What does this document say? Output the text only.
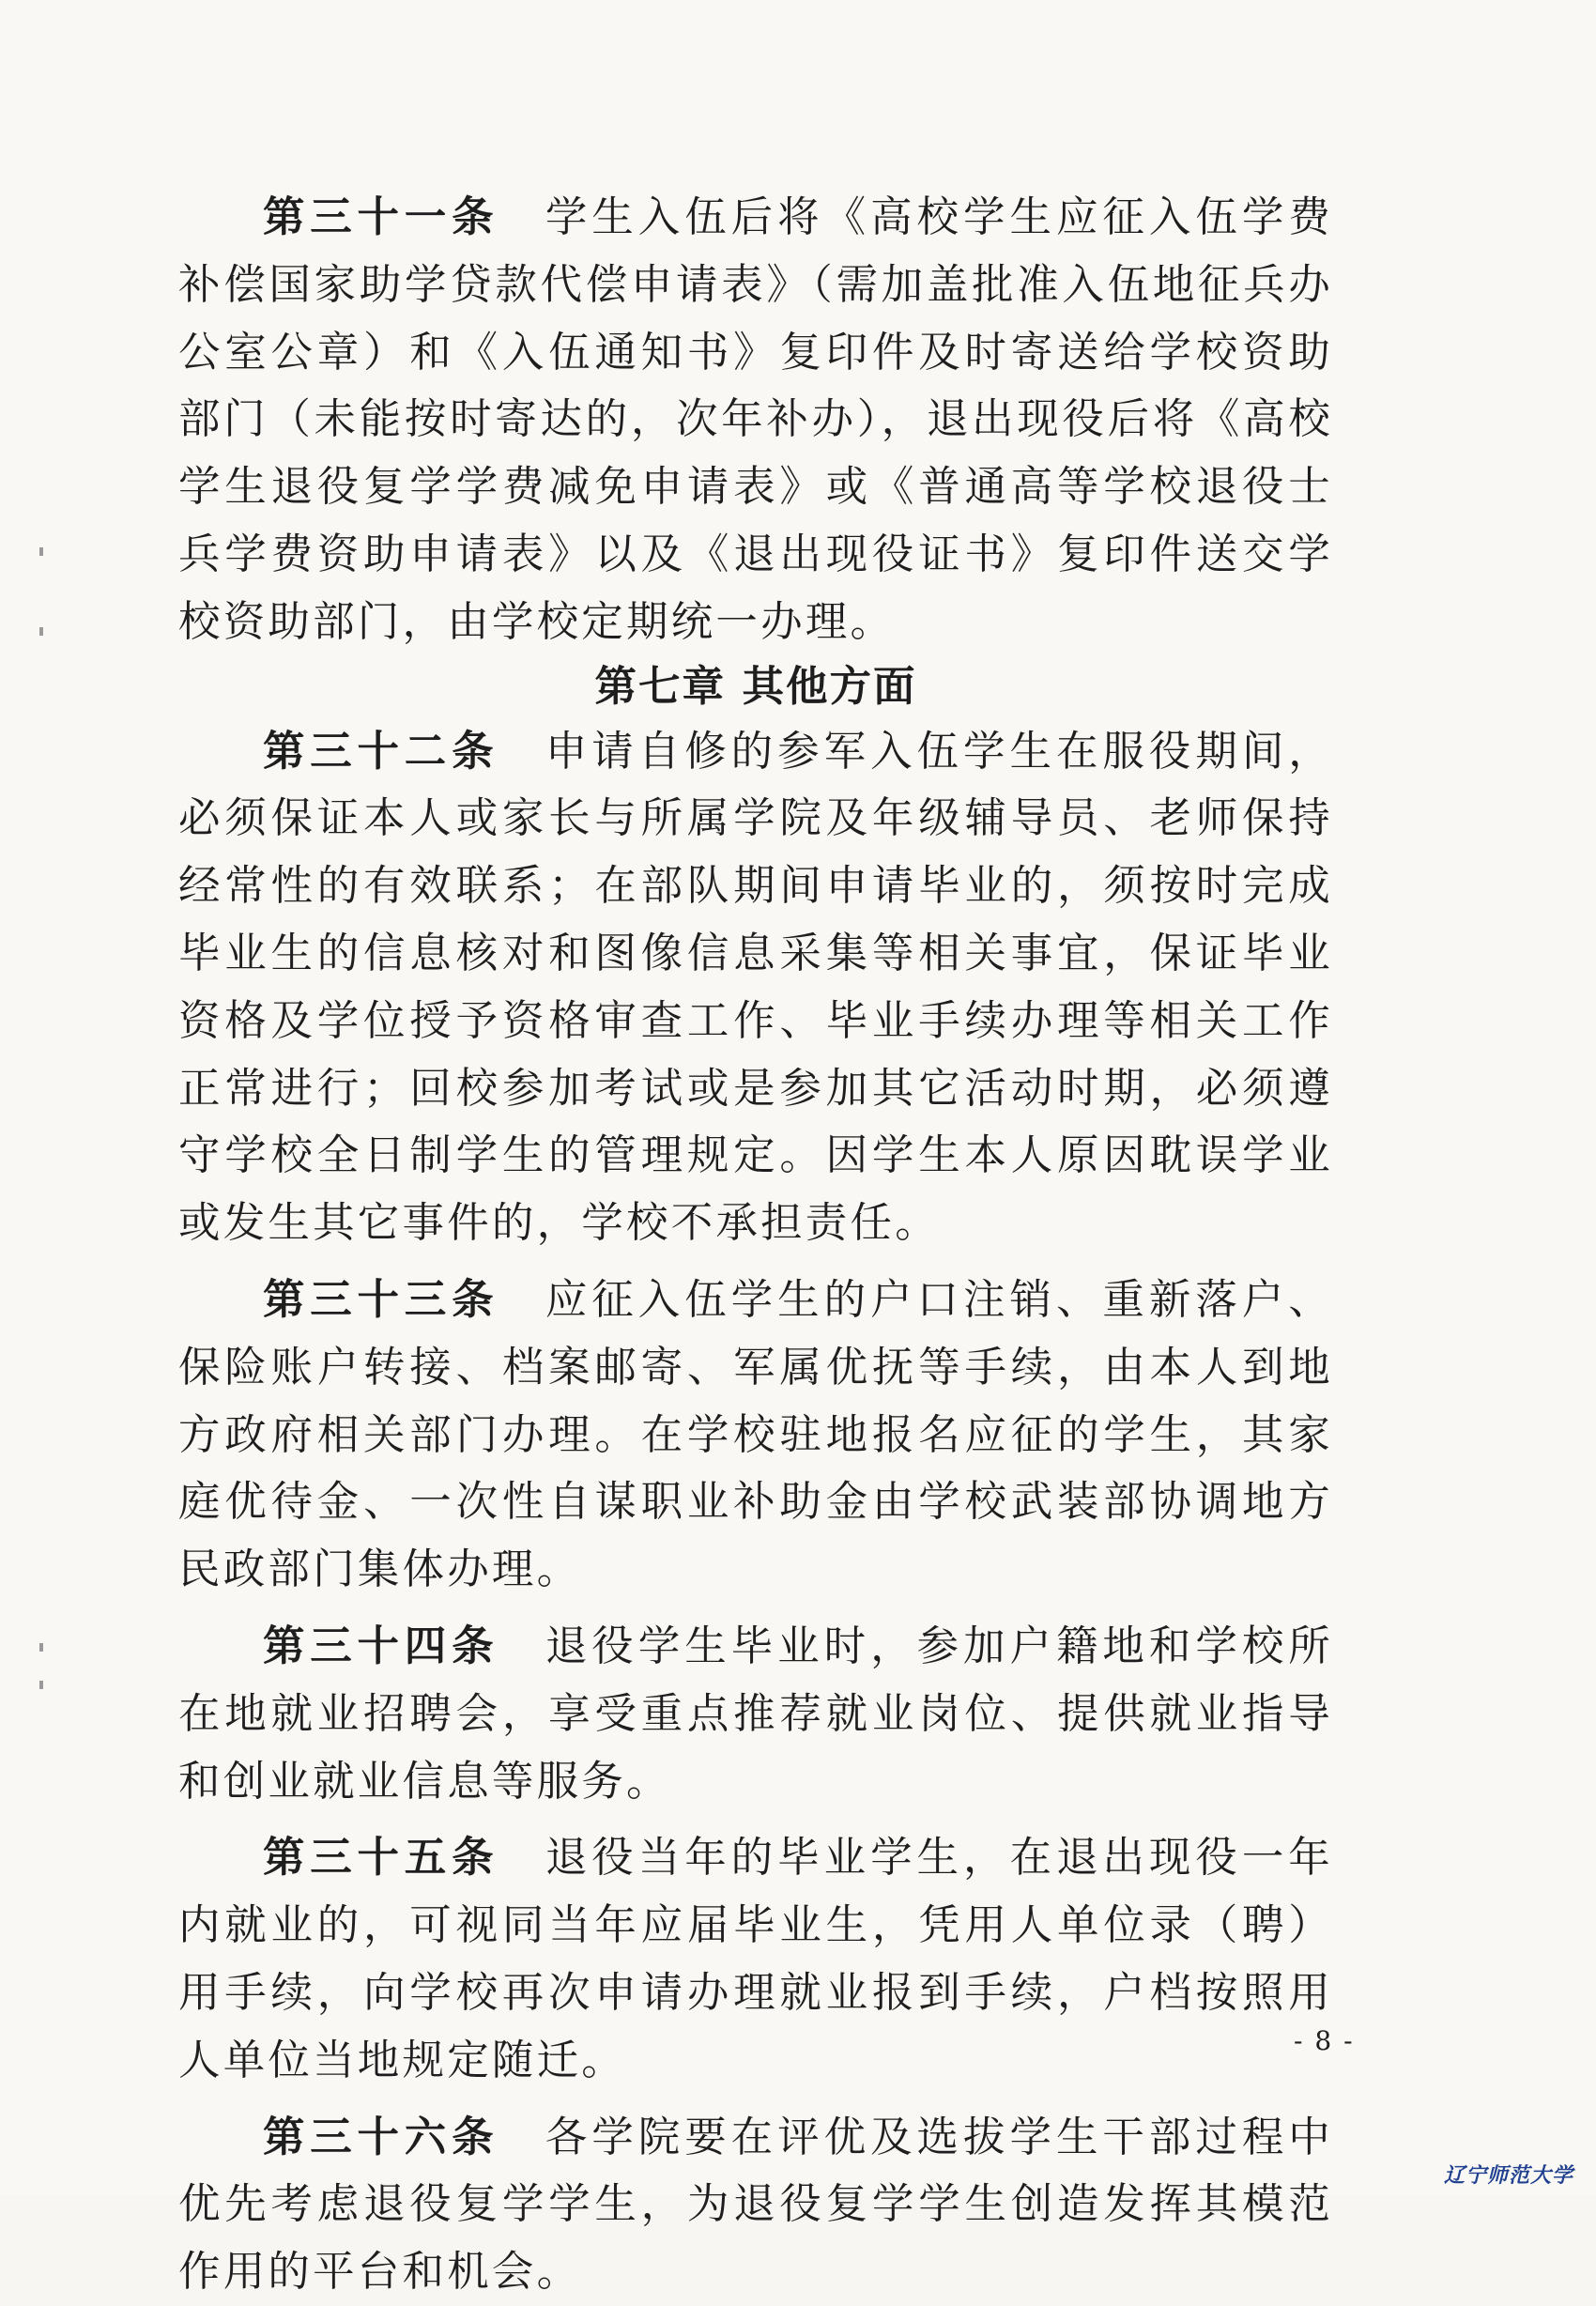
第三十一条　 学生入伍后将《高校学生应征入伍学费补偿国家助学贷款代偿申请表》（需加盖批准入伍地征兵办公室公章）和《入伍通知书》复印件及时寄送给学校资助部门（未能按时寄达的，次年补办），退出现役后将《高校学生退役复学学费减免申请表》或《普通高等学校退役士兵学费资助申请表》以及《退出现役证书》复印件送交学校资助部门，由学校定期统一办理。

第七章 其他方面

第三十二条　 申请自修的参军入伍学生在服役期间，必须保证本人或家长与所属学院及年级辅导员、老师保持经常性的有效联系；在部队期间申请毕业的，须按时完成毕业生的信息核对和图像信息采集等相关事宜，保证毕业资格及学位授予资格审查工作、毕业手续办理等相关工作正常进行；回校参加考试或是参加其它活动时期，必须遵守学校全日制学生的管理规定。因学生本人原因耽误学业或发生其它事件的，学校不承担责任。

第三十三条　 应征入伍学生的户口注销、重新落户、保险账户转接、档案邮寄、军属优抚等手续，由本人到地方政府相关部门办理。在学校驻地报名应征的学生，其家庭优待金、一次性自谋职业补助金由学校武装部协调地方民政部门集体办理。

第三十四条　 退役学生毕业时，参加户籍地和学校所在地就业招聘会，享受重点推荐就业岗位、提供就业指导和创业就业信息等服务。

第三十五条　 退役当年的毕业学生，在退出现役一年内就业的，可视同当年应届毕业生，凭用人单位录（聘）用手续，向学校再次申请办理就业报到手续，户档按照用人单位当地规定随迁。

第三十六条　 各学院要在评优及选拔学生干部过程中优先考虑退役复学学生，为退役复学学生创造发挥其模范作用的平台和机会。

- 8 -
辽宁师范大学
